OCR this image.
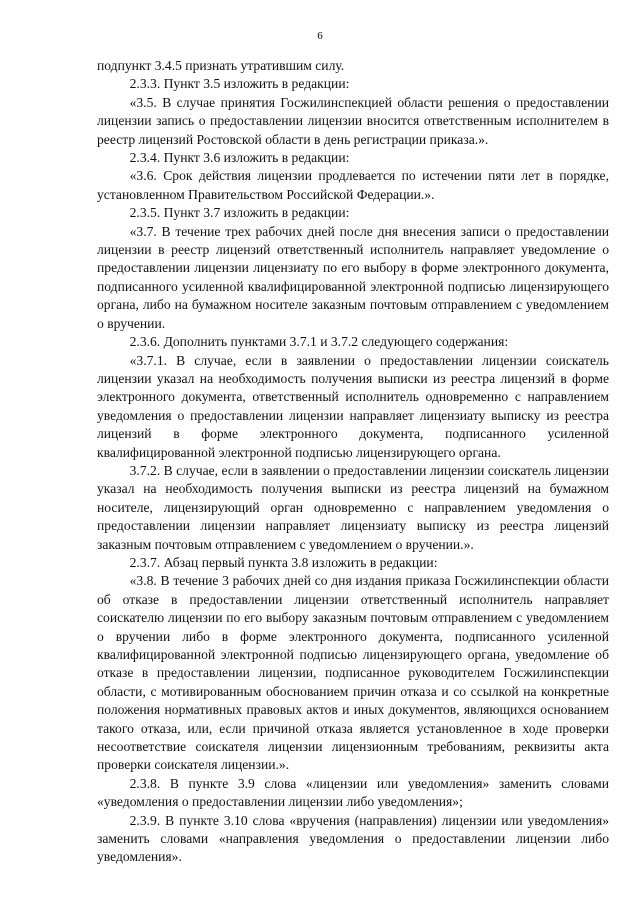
6

подпункт 3.4.5 признать утратившим силу.

2.3.3. Пункт 3.5 изложить в редакции:

«3.5. В случае принятия Госжилинспекцией области решения о предоставлении лицензии запись о предоставлении лицензии вносится ответственным исполнителем в реестр лицензий Ростовской области в день регистрации приказа.».

2.3.4. Пункт 3.6 изложить в редакции:

«3.6. Срок действия лицензии продлевается по истечении пяти лет в порядке, установленном Правительством Российской Федерации.».

2.3.5. Пункт 3.7 изложить в редакции:

«3.7. В течение трех рабочих дней после дня внесения записи о предоставлении лицензии в реестр лицензий ответственный исполнитель направляет уведомление о предоставлении лицензии лицензиату по его выбору в форме электронного документа, подписанного усиленной квалифицированной электронной подписью лицензирующего органа, либо на бумажном носителе заказным почтовым отправлением с уведомлением о вручении.

2.3.6. Дополнить пунктами 3.7.1 и 3.7.2 следующего содержания:

«3.7.1. В случае, если в заявлении о предоставлении лицензии соискатель лицензии указал на необходимость получения выписки из реестра лицензий в форме электронного документа, ответственный исполнитель одновременно с направлением уведомления о предоставлении лицензии направляет лицензиату выписку из реестра лицензий в форме электронного документа, подписанного усиленной квалифицированной электронной подписью лицензирующего органа.

3.7.2. В случае, если в заявлении о предоставлении лицензии соискатель лицензии указал на необходимость получения выписки из реестра лицензий на бумажном носителе, лицензирующий орган одновременно с направлением уведомления о предоставлении лицензии направляет лицензиату выписку из реестра лицензий заказным почтовым отправлением с уведомлением о вручении.».

2.3.7. Абзац первый пункта 3.8 изложить в редакции:

«3.8. В течение 3 рабочих дней со дня издания приказа Госжилинспекции области об отказе в предоставлении лицензии ответственный исполнитель направляет соискателю лицензии по его выбору заказным почтовым отправлением с уведомлением о вручении либо в форме электронного документа, подписанного усиленной квалифицированной электронной подписью лицензирующего органа, уведомление об отказе в предоставлении лицензии, подписанное руководителем Госжилинспекции области, с мотивированным обоснованием причин отказа и со ссылкой на конкретные положения нормативных правовых актов и иных документов, являющихся основанием такого отказа, или, если причиной отказа является установленное в ходе проверки несоответствие соискателя лицензии лицензионным требованиям, реквизиты акта проверки соискателя лицензии.».

2.3.8. В пункте 3.9 слова «лицензии или уведомления» заменить словами «уведомления о предоставлении лицензии либо уведомления»;

2.3.9. В пункте 3.10 слова «вручения (направления) лицензии или уведомления» заменить словами «направления уведомления о предоставлении лицензии либо уведомления».
